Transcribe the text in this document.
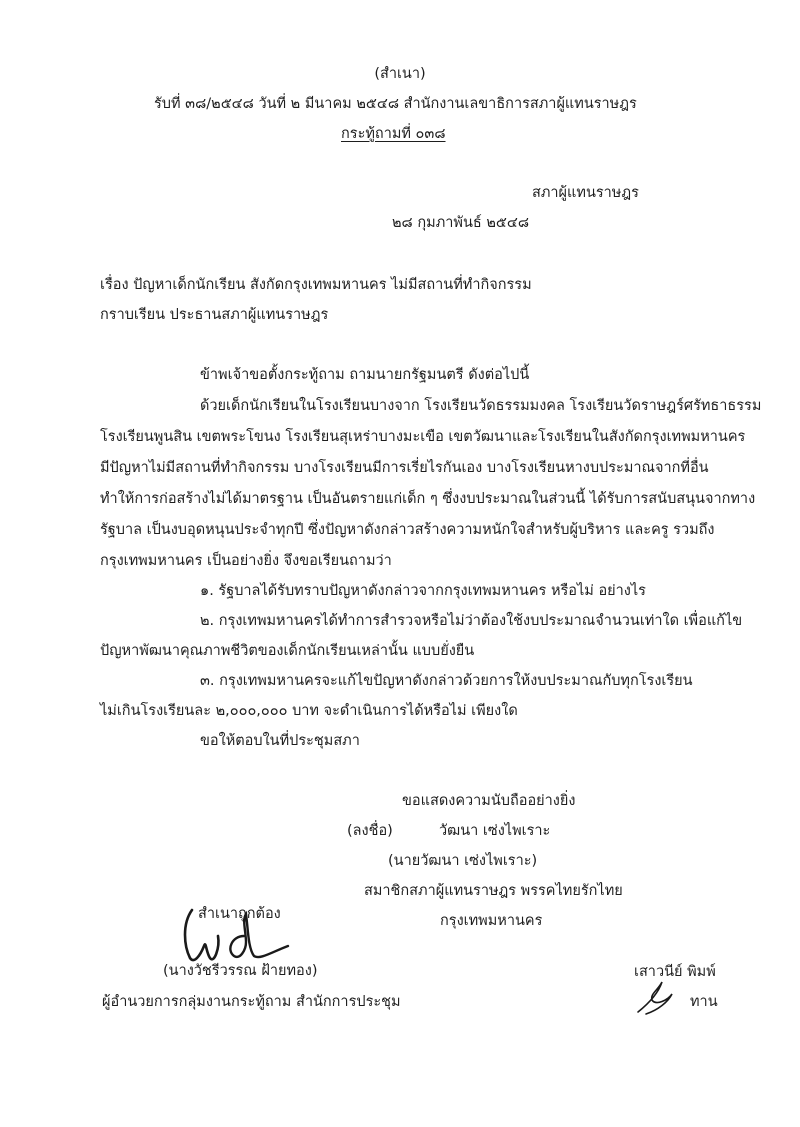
(สำเนา)
รับที่ ๓๘/๒๕๔๘ วันที่ ๒ มีนาคม ๒๕๔๘ สำนักงานเลขาธิการสภาผู้แทนราษฎร
กระทู้ถามที่ ๐๓๘
สภาผู้แทนราษฎร
๒๘ กุมภาพันธ์ ๒๕๔๘
เรื่อง ปัญหาเด็กนักเรียน สังกัดกรุงเทพมหานคร ไม่มีสถานที่ทำกิจกรรม
กราบเรียน ประธานสภาผู้แทนราษฎร
ข้าพเจ้าขอตั้งกระทู้ถาม ถามนายกรัฐมนตรี ดังต่อไปนี้
ด้วยเด็กนักเรียนในโรงเรียนบางจาก โรงเรียนวัดธรรมมงคล โรงเรียนวัดราษฎร์ศรัทธาธรรม
โรงเรียนพูนสิน เขตพระโขนง โรงเรียนสุเหร่าบางมะเขือ เขตวัฒนาและโรงเรียนในสังกัดกรุงเทพมหานคร
มีปัญหาไม่มีสถานที่ทำกิจกรรม บางโรงเรียนมีการเรี่ยไรกันเอง บางโรงเรียนหางบประมาณจากที่อื่น
ทำให้การก่อสร้างไม่ได้มาตรฐาน เป็นอันตรายแก่เด็ก ๆ ซึ่งงบประมาณในส่วนนี้ ได้รับการสนับสนุนจากทาง
รัฐบาล เป็นงบอุดหนุนประจำทุกปี ซึ่งปัญหาดังกล่าวสร้างความหนักใจสำหรับผู้บริหาร และครู รวมถึง
กรุงเทพมหานคร เป็นอย่างยิ่ง จึงขอเรียนถามว่า
๑. รัฐบาลได้รับทราบปัญหาดังกล่าวจากกรุงเทพมหานคร หรือไม่ อย่างไร
๒. กรุงเทพมหานครได้ทำการสำรวจหรือไม่ว่าต้องใช้งบประมาณจำนวนเท่าใด เพื่อแก้ไข
ปัญหาพัฒนาคุณภาพชีวิตของเด็กนักเรียนเหล่านั้น แบบยั่งยืน
๓. กรุงเทพมหานครจะแก้ไขปัญหาดังกล่าวด้วยการให้งบประมาณกับทุกโรงเรียน
ไม่เกินโรงเรียนละ ๒,๐๐๐,๐๐๐ บาท จะดำเนินการได้หรือไม่ เพียงใด
ขอให้ตอบในที่ประชุมสภา
ขอแสดงความนับถืออย่างยิ่ง
(ลงชื่อ)	วัฒนา เซ่งไพเราะ
(นายวัฒนา เซ่งไพเราะ)
สมาชิกสภาผู้แทนราษฎร พรรคไทยรักไทย
กรุงเทพมหานคร
สำเนาถูกต้อง
(นางวัชรีวรรณ ฝ้ายทอง)
ผู้อำนวยการกลุ่มงานกระทู้ถาม สำนักการประชุม
เสาวนีย์ พิมพ์
ทาน
